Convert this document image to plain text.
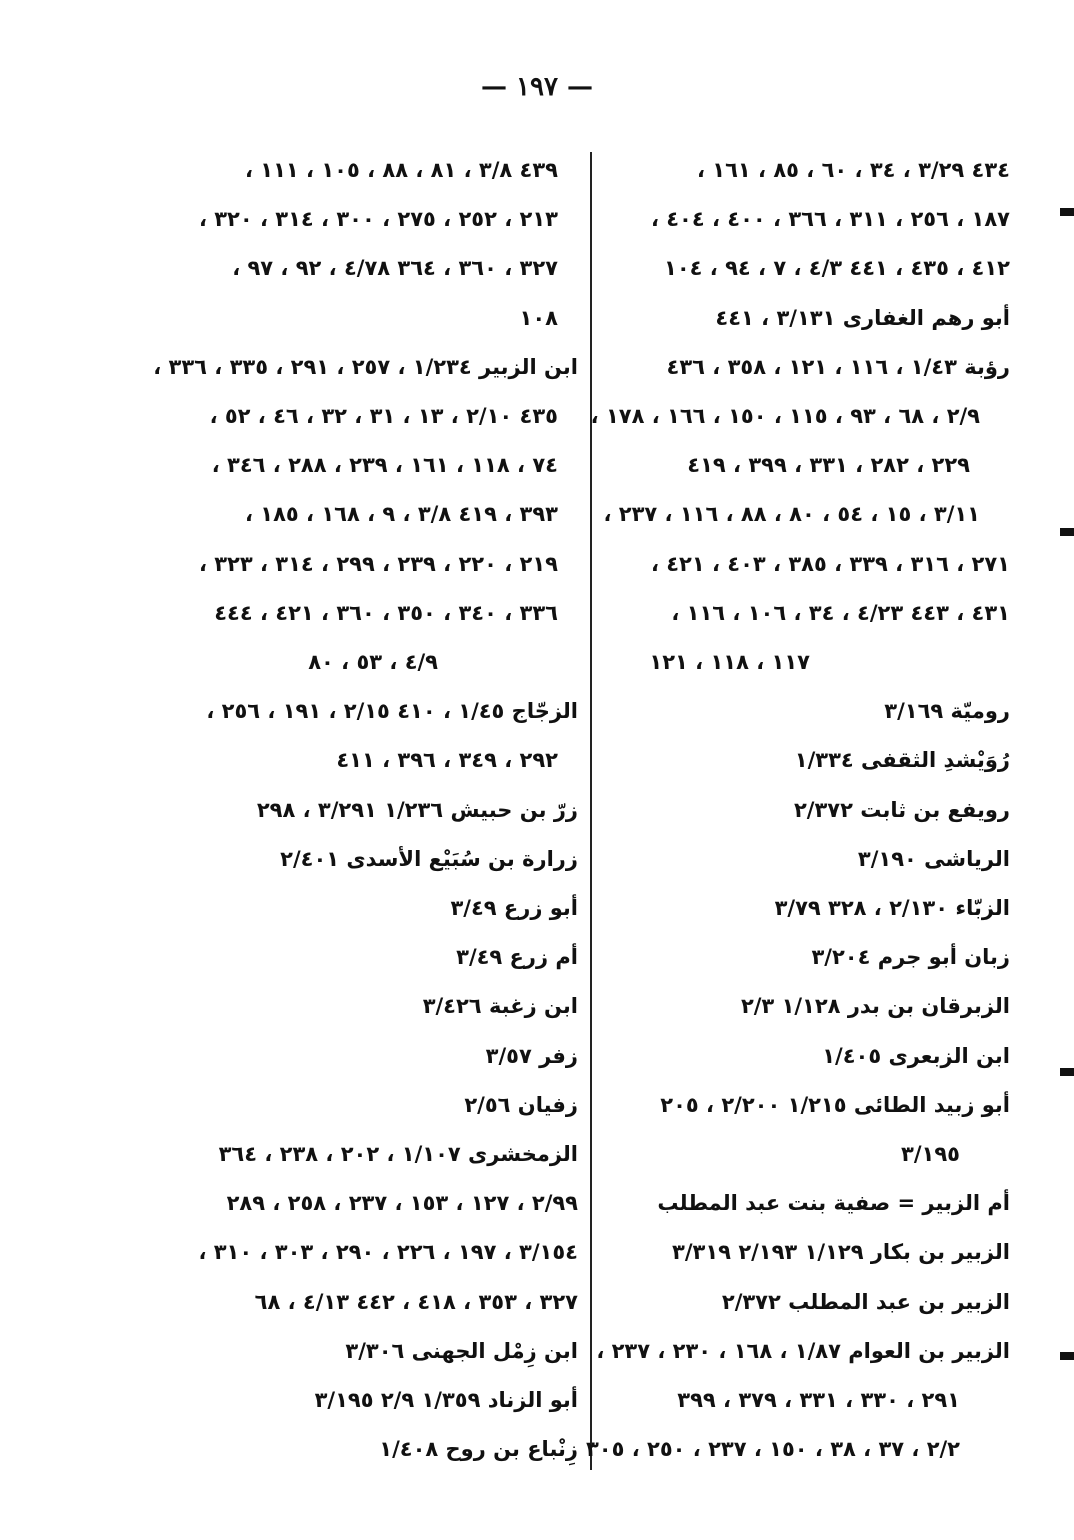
— ١٩٧ —
٤٣٤ ٣/٢٩ ، ٣٤ ، ٦٠ ، ٨٥ ، ١٦١ ،
١٨٧ ، ٢٥٦ ، ٣١١ ، ٣٦٦ ، ٤٠٠ ، ٤٠٤ ،
٤١٢ ، ٤٣٥ ، ٤٤١ ٤/٣ ، ٧ ، ٩٤ ، ١٠٤
أبو رهم الغفارى ٣/١٣١ ، ٤٤١
رؤبة ١/٤٣ ، ١١٦ ، ١٢١ ، ٣٥٨ ، ٤٣٦
٢/٩ ، ٦٨ ، ٩٣ ، ١١٥ ، ١٥٠ ، ١٦٦ ، ١٧٨ ،
٢٢٩ ، ٢٨٢ ، ٣٣١ ، ٣٩٩ ، ٤١٩
٣/١١ ، ١٥ ، ٥٤ ، ٨٠ ، ٨٨ ، ١١٦ ، ٢٣٧ ،
٢٧١ ، ٣١٦ ، ٣٣٩ ، ٣٨٥ ، ٤٠٣ ، ٤٢١ ،
٤٣١ ، ٤٤٣ ٤/٢٣ ، ٣٤ ، ١٠٦ ، ١١٦ ،
١١٧ ، ١١٨ ، ١٢١
روميّة ٣/١٦٩
رُوَيْشدِ الثقفى ١/٣٣٤
رويفع بن ثابت ٢/٣٧٢
الرياشى ٣/١٩٠
الزبّاء ٢/١٣٠ ، ٣٢٨ ٣/٧٩
زبان أبو جرم ٣/٢٠٤
الزبرقان بن بدر ١/١٢٨ ٢/٣
ابن الزبعرى ١/٤٠٥
أبو زبيد الطائى ١/٢١٥ ٢/٢٠٠ ، ٢٠٥
٣/١٩٥
أم الزبير = صفية بنت عبد المطلب
الزبير بن بكار ١/١٢٩ ٢/١٩٣ ٣/٣١٩
الزبير بن عبد المطلب ٢/٣٧٢
الزبير بن العوام ١/٨٧ ، ١٦٨ ، ٢٣٠ ، ٢٣٧ ،
٢٩١ ، ٣٣٠ ، ٣٣١ ، ٣٧٩ ، ٣٩٩
٢/٢ ، ٣٧ ، ٣٨ ، ١٥٠ ، ٢٣٧ ، ٢٥٠ ، ٣٠٥
٤٣٩ ٣/٨ ، ٨١ ، ٨٨ ، ١٠٥ ، ١١١ ،
٢١٣ ، ٢٥٢ ، ٢٧٥ ، ٣٠٠ ، ٣١٤ ، ٣٢٠ ،
٣٢٧ ، ٣٦٠ ، ٣٦٤ ٤/٧٨ ، ٩٢ ، ٩٧ ،
١٠٨
ابن الزبير ١/٢٣٤ ، ٢٥٧ ، ٢٩١ ، ٣٣٥ ، ٣٣٦ ،
٤٣٥ ٢/١٠ ، ١٣ ، ٣١ ، ٣٢ ، ٤٦ ، ٥٢ ،
٧٤ ، ١١٨ ، ١٦١ ، ٢٣٩ ، ٢٨٨ ، ٣٤٦ ،
٣٩٣ ، ٤١٩ ٣/٨ ، ٩ ، ١٦٨ ، ١٨٥ ،
٢١٩ ، ٢٢٠ ، ٢٣٩ ، ٢٩٩ ، ٣١٤ ، ٣٢٣ ،
٣٣٦ ، ٣٤٠ ، ٣٥٠ ، ٣٦٠ ، ٤٢١ ، ٤٤٤
٤/٩ ، ٥٣ ، ٨٠
الزجّاج ١/٤٥ ، ٤١٠ ٢/١٥ ، ١٩١ ، ٢٥٦ ،
٢٩٢ ، ٣٤٩ ، ٣٩٦ ، ٤١١
زرّ بن حبيش ١/٢٣٦ ٣/٢٩١ ، ٢٩٨
زرارة بن سُبَيْع الأسدى ٢/٤٠١
أبو زرع ٣/٤٩
أم زرع ٣/٤٩
ابن زغبة ٣/٤٢٦
زفر ٣/٥٧
زفيان ٢/٥٦
الزمخشرى ١/١٠٧ ، ٢٠٢ ، ٢٣٨ ، ٣٦٤
٢/٩٩ ، ١٢٧ ، ١٥٣ ، ٢٣٧ ، ٢٥٨ ، ٢٨٩
٣/١٥٤ ، ١٩٧ ، ٢٢٦ ، ٢٩٠ ، ٣٠٣ ، ٣١٠ ،
٣٢٧ ، ٣٥٣ ، ٤١٨ ، ٤٤٢ ٤/١٣ ، ٦٨
ابن زِمْل الجهنى ٣/٣٠٦
أبو الزناد ١/٣٥٩ ٢/٩ ٣/١٩٥
زِنْباع بن روح ١/٤٠٨
